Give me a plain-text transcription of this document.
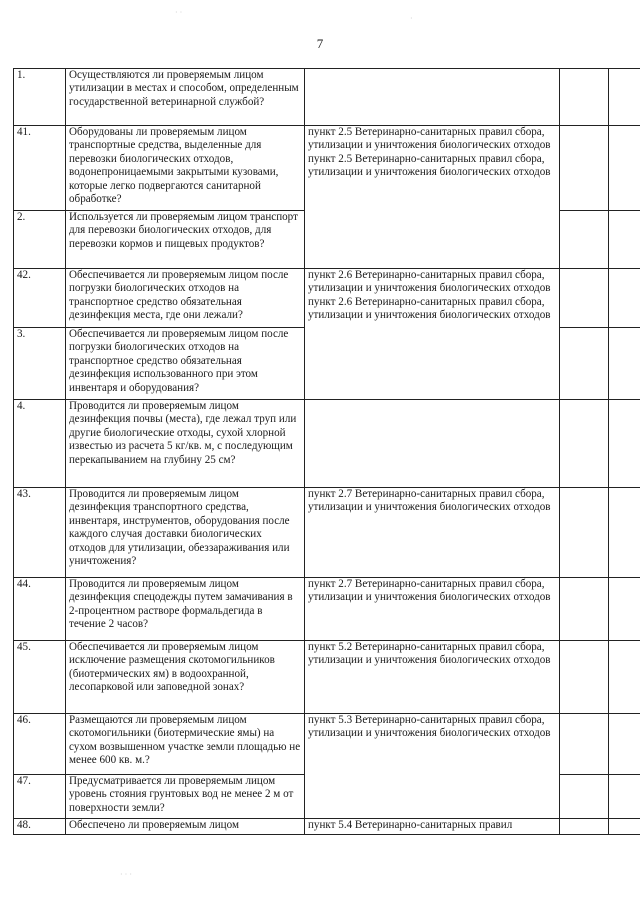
7
1.	Осуществляются ли проверяемым лицом утилизации в местах и способом, определенным государственной ветеринарной службой?			
41.	Оборудованы ли проверяемым лицом транспортные средства, выделенные для перевозки биологических отходов, водонепроницаемыми закрытыми кузовами, которые легко подвергаются санитарной обработке?	пункт 2.5 Ветеринарно-санитарных правил сбора, утилизации и уничтожения биологических отходов
пункт 2.5 Ветеринарно-санитарных правил сбора, утилизации и уничтожения биологических отходов		

2.	Используется ли проверяемым лицом транспорт для перевозки биологических отходов, для перевозки кормов и пищевых продуктов?			
42.	Обеспечивается ли проверяемым лицом после погрузки биологических отходов на транспортное средство обязательная дезинфекция места, где они лежали?	пункт 2.6 Ветеринарно-санитарных правил сбора, утилизации и уничтожения биологических отходов
пункт 2.6 Ветеринарно-санитарных правил сбора, утилизации и уничтожения биологических отходов		

3.	Обеспечивается ли проверяемым лицом после погрузки биологических отходов на транспортное средство обязательная дезинфекция использованного при этом инвентаря и оборудования?			
4.	Проводится ли проверяемым лицом дезинфекция почвы (места), где лежал труп или другие биологические отходы, сухой хлорной известью из расчета 5 кг/кв. м, с последующим перекапыванием на глубину 25 см?			
43.	Проводится ли проверяемым лицом дезинфекция транспортного средства, инвентаря, инструментов, оборудования после каждого случая доставки биологических отходов для утилизации, обеззараживания или уничтожения?	пункт 2.7 Ветеринарно-санитарных правил сбора, утилизации и уничтожения биологических отходов		
44.	Проводится ли проверяемым лицом дезинфекция спецодежды путем замачивания в 2-процентном растворе формальдегида в течение 2 часов?	пункт 2.7 Ветеринарно-санитарных правил сбора, утилизации и уничтожения биологических отходов		
45.	Обеспечивается ли проверяемым лицом исключение размещения скотомогильников (биотермических ям) в водоохранной, лесопарковой или заповедной зонах?	пункт 5.2 Ветеринарно-санитарных правил сбора, утилизации и уничтожения биологических отходов		
46.	Размещаются ли проверяемым лицом скотомогильники (биотермические ямы) на сухом возвышенном участке земли площадью не менее 600 кв. м.?	пункт 5.3 Ветеринарно-санитарных правил сбора, утилизации и уничтожения биологических отходов		
47.	Предусматривается ли проверяемым лицом уровень стояния грунтовых вод не менее 2 м от поверхности земли?			
48.	Обеспечено ли проверяемым лицом	пункт 5.4 Ветеринарно-санитарных правил		
· ·
·
· · ·
